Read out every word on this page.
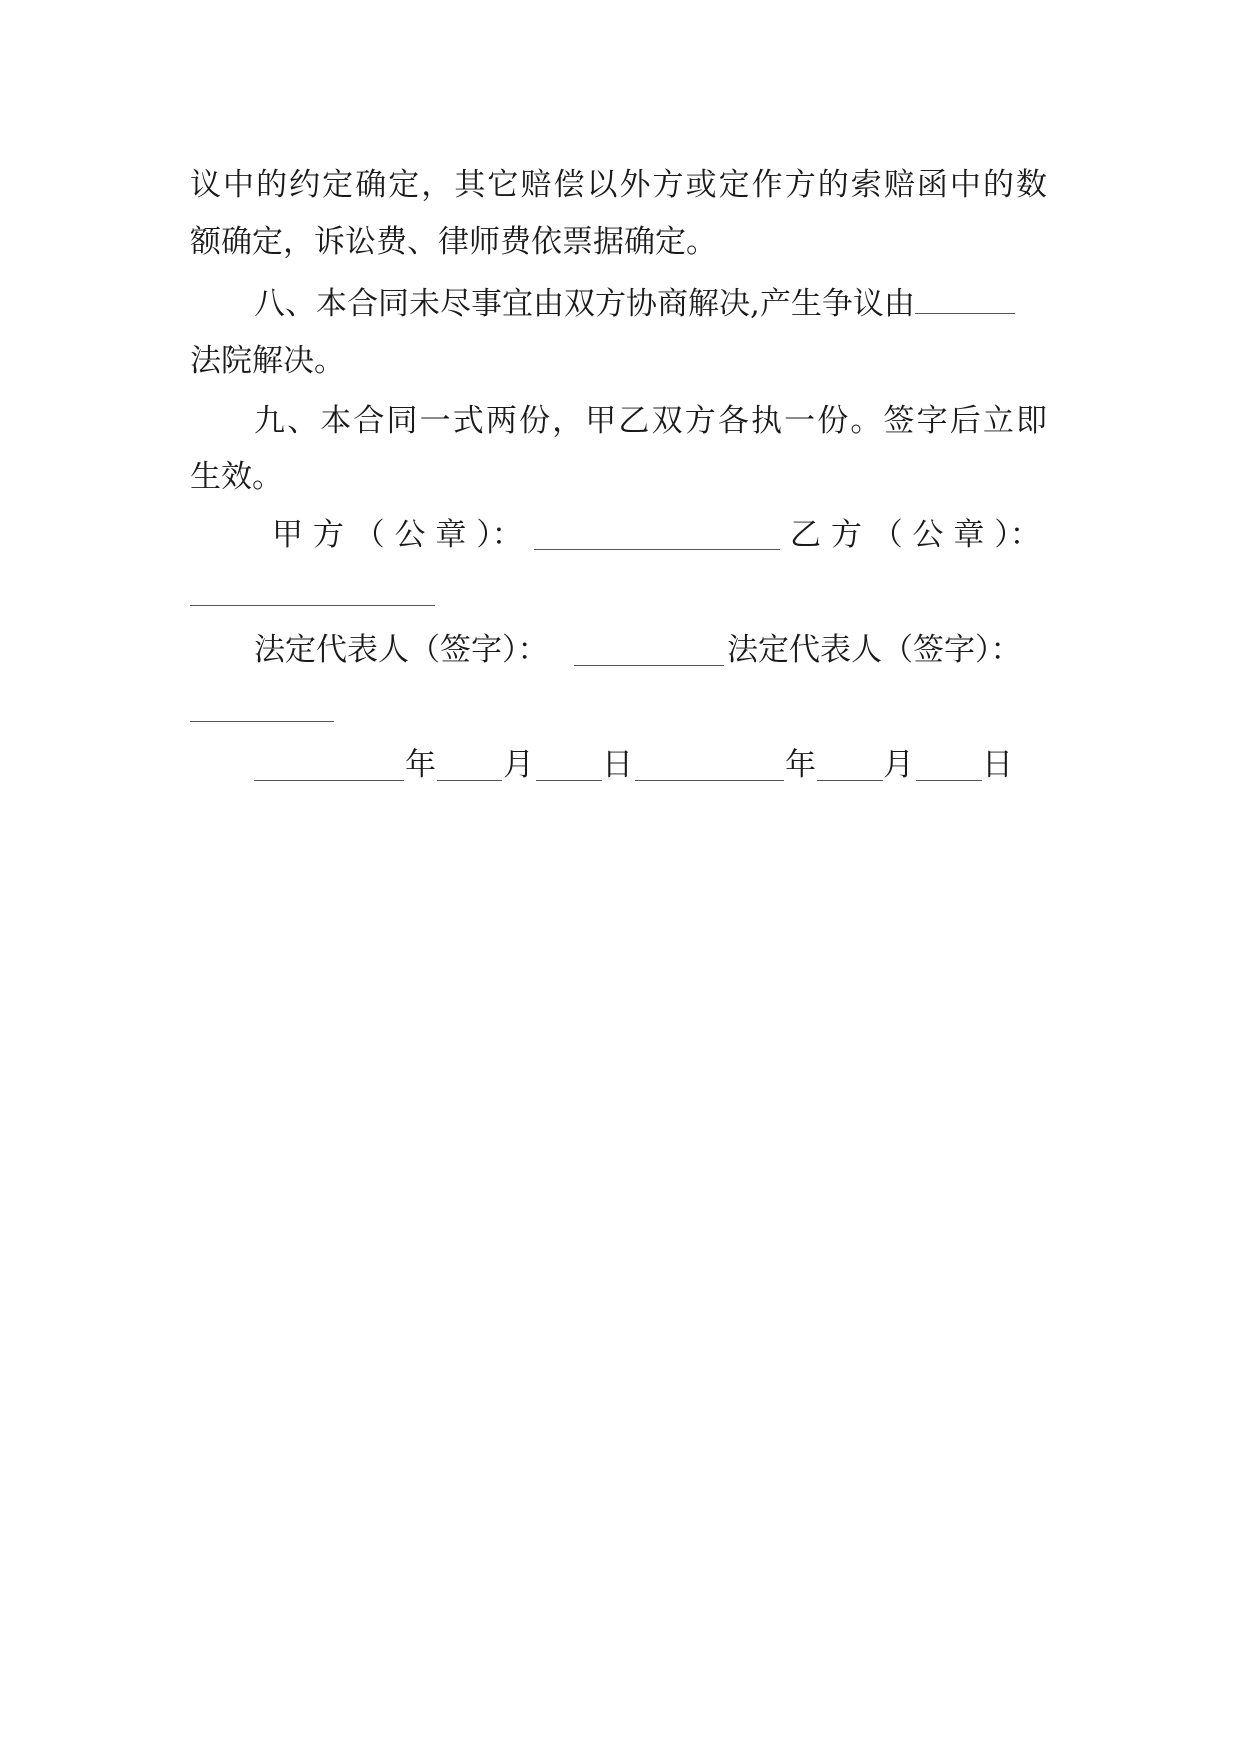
议中的约定确定，其它赔偿以外方或定作方的索赔函中的数
额确定，诉讼费、律师费依票据确定。
八、本合同未尽事宜由双方协商解决,产生争议由
法院解决。
九、本合同一式两份，甲乙双方各执一份。签字后立即
生效。
甲 方 （ 公 章 ）：	乙 方 （ 公 章 ）：
法定代表人（签字）：	法定代表人（签字）：
年 月 日	年 月 日
